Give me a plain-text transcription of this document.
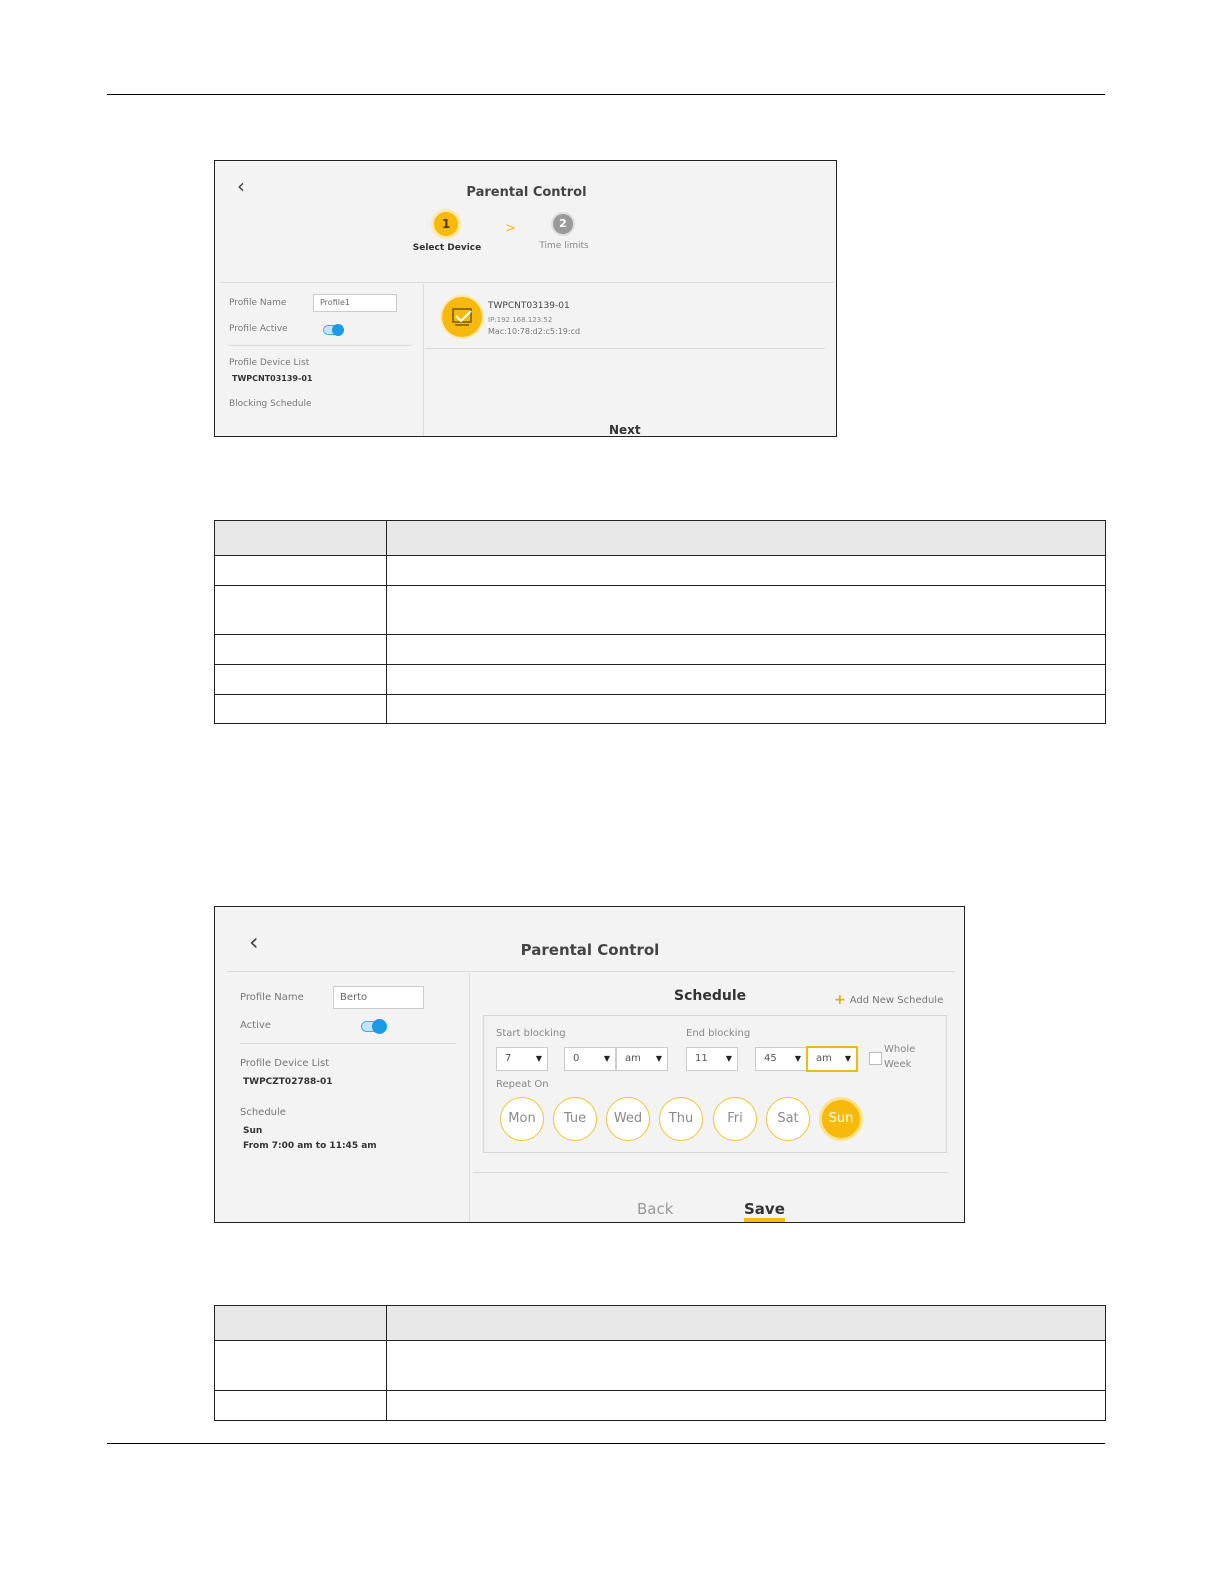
‹	Parental Control
1
Select Device
>	2
Time limits
Profile Name	Profile1
Profile Active
Profile Device List
TWPCNT03139-01
Blocking Schedule
TWPCNT03139-01
IP:192.168.123.52
Mac:10:78:d2:c5:19:cd
Next

‹	Parental Control
Profile Name	Berto
Active
Profile Device List
TWPCZT02788-01
Schedule
Sun
From 7:00 am to 11:45 am
Schedule	+ Add New Schedule
Start blocking	End blocking
7	▼	0	▼	am ▼	11 ▼	45 ▼	am ▼
Whole
Week
Repeat On
Mon	Tue	Wed	Thu	Fri	Sat	Sun
Back	Save
